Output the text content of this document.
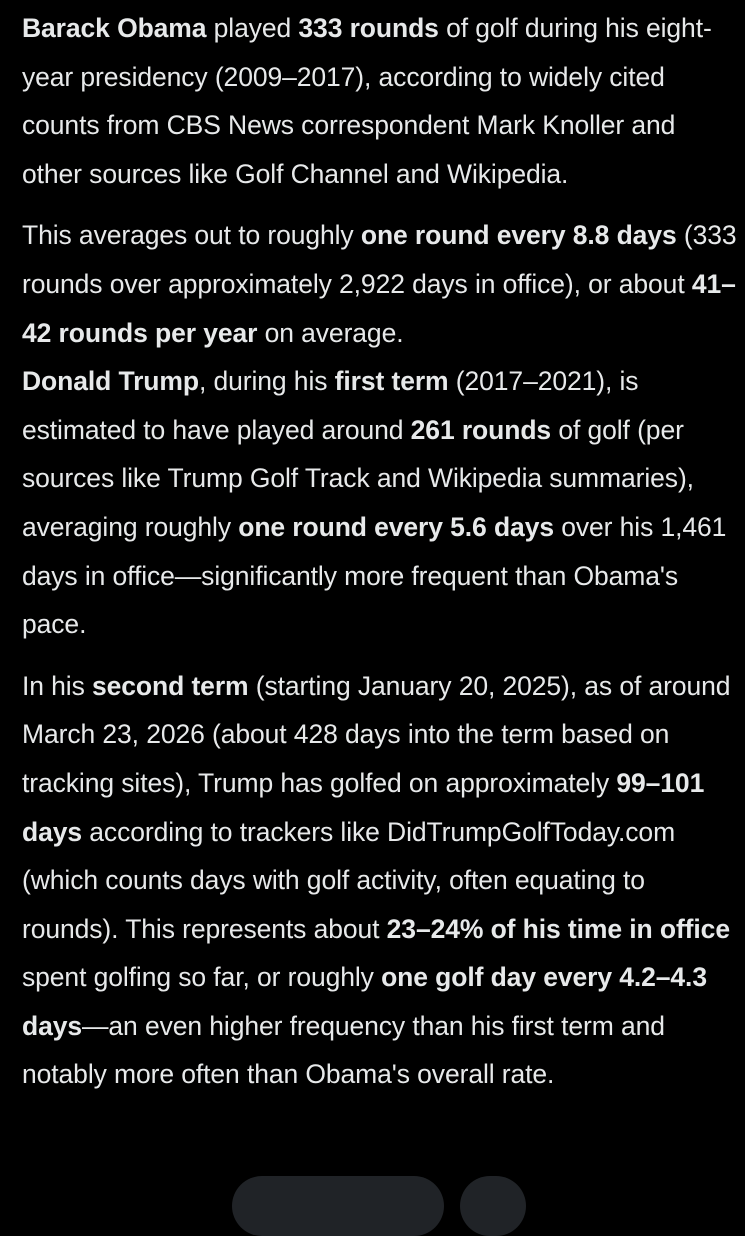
Barack Obama played 333 rounds of golf during his eight-year presidency (2009–2017), according to widely cited counts from CBS News correspondent Mark Knoller and other sources like Golf Channel and Wikipedia.

This averages out to roughly one round every 8.8 days (333 rounds over approximately 2,922 days in office), or about 41–42 rounds per year on average.

Donald Trump, during his first term (2017–2021), is estimated to have played around 261 rounds of golf (per sources like Trump Golf Track and Wikipedia summaries), averaging roughly one round every 5.6 days over his 1,461 days in office—significantly more frequent than Obama's pace.

In his second term (starting January 20, 2025), as of around March 23, 2026 (about 428 days into the term based on tracking sites), Trump has golfed on approximately 99–101 days according to trackers like DidTrumpGolfToday.com (which counts days with golf activity, often equating to rounds). This represents about 23–24% of his time in office spent golfing so far, or roughly one golf day every 4.2–4.3 days—an even higher frequency than his first term and notably more often than Obama's overall rate.
